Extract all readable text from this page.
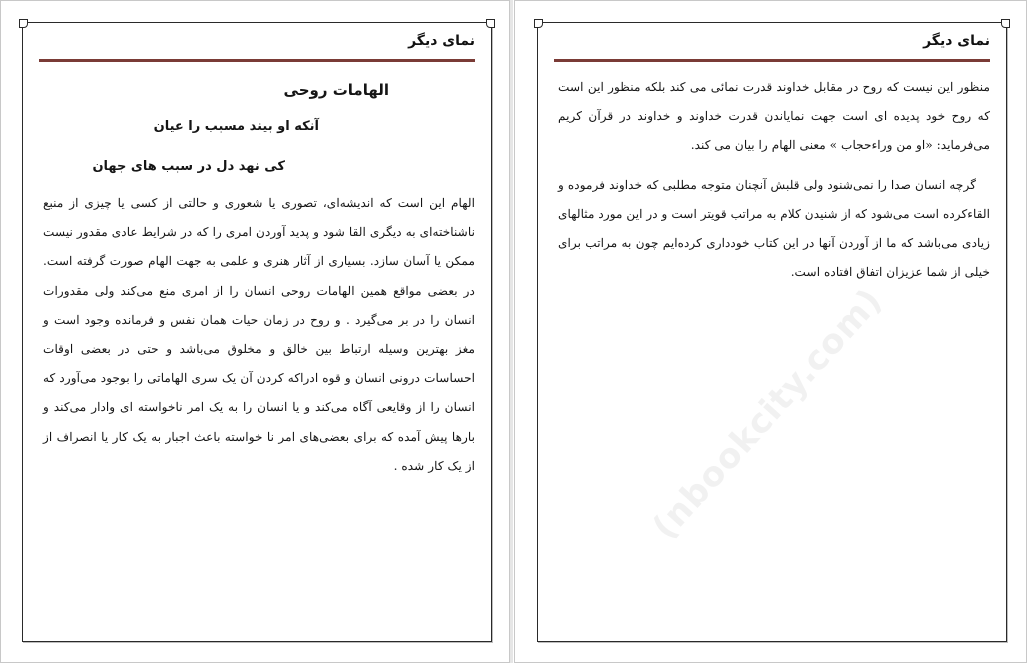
نمای دیگر

الهامات روحی

آنکه او بیند مسبب را عیان

کی نهد دل در سبب های جهان

الهام این است که اندیشه‌ای، تصوری یا شعوری و حالتی از کسی یا چیزی از منبع ناشناخته‌ای به دیگری القا شود و پدید آوردن امری را که در شرایط عادی مقدور نیست ممکن یا آسان سازد. بسیاری از آثار هنری و علمی به جهت الهام صورت گرفته است. در بعضی مواقع همین الهامات روحی انسان را از امری منع می‌کند ولی مقدورات انسان را در بر می‌گیرد . و روح در زمان حیات همان نفس و فرمانده وجود است و مغز بهترین وسیله ارتباط بین خالق و مخلوق می‌باشد و حتی در بعضی اوقات احساسات درونی انسان و قوه ادراکه کردن آن یک سری الهاماتی را بوجود می‌آورد که انسان را از وقایعی آگاه می‌کند و یا انسان را به یک امر ناخواسته ای وادار می‌کند و بارها پیش آمده که برای بعضی‌های امر نا خواسته باعث اجبار به یک کار یا انصراف از از یک کار شده .

نمای دیگر

منظور این نیست که روح در مقابل خداوند قدرت نمائی می کند بلکه منظور این است که روح خود پدیده ای است جهت نمایاندن قدرت خداوند و خداوند در قرآن کریم می‌فرماید: «او من وراء‌حجاب » معنی الهام را بیان می کند.

گرچه انسان صدا را نمی‌شنود ولی قلبش آنچنان متوجه مطلبی که خداوند فرموده و القاء‌کرده است می‌شود که از شنیدن کلام به مراتب قویتر است و در این مورد مثالهای زیادی می‌باشد که ما از آوردن آنها در این کتاب خودداری کرده‌ایم چون به مراتب برای خیلی از شما عزیزان اتفاق افتاده است.

(nbookcity.com)
